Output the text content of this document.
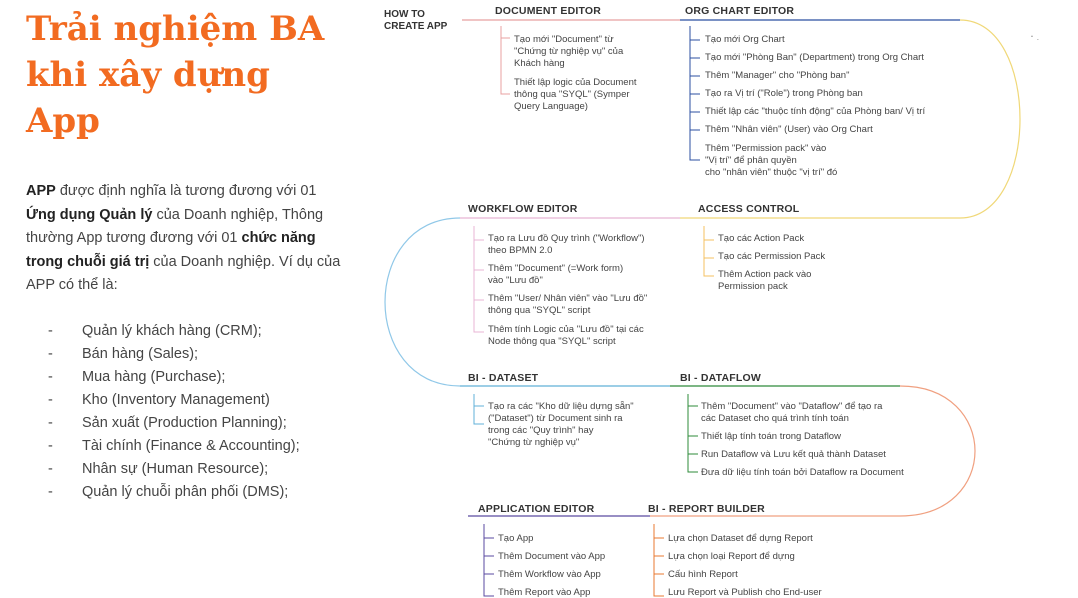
Trải nghiệm BA
khi xây dựng
App
APP được định nghĩa là tương đương với 01 Ứng dụng Quản lý của Doanh nghiệp, Thông thường App tương đương với 01 chức năng trong chuỗi giá trị của Doanh nghiệp. Ví dụ của APP có thể là:
- Quản lý khách hàng (CRM);
- Bán hàng (Sales);
- Mua hàng (Purchase);
- Kho (Inventory Management)
- Sản xuất (Production Planning);
- Tài chính (Finance & Accounting);
- Nhân sự (Human Resource);
- Quản lý chuỗi phân phối (DMS);
HOW TO
CREATE APP
⠂.
DOCUMENT EDITOR
Tạo mới "Document" từ
"Chứng từ nghiệp vụ" của
Khách hàng
Thiết lập logic của Document
thông qua "SYQL" (Symper
Query Language)
ORG CHART EDITOR
Tạo mới Org Chart
Tạo mới "Phòng Ban" (Department) trong Org Chart
Thêm "Manager" cho "Phòng ban"
Tạo ra Vị trí ("Role") trong Phòng ban
Thiết lập các "thuộc tính động" của Phòng ban/ Vị trí
Thêm "Nhân viên" (User) vào Org Chart
Thêm "Permission pack" vào
"Vị trí" để phân quyền
cho "nhân viên" thuộc "vị trí" đó
WORKFLOW EDITOR
Tạo ra Lưu đồ Quy trình ("Workflow")
theo BPMN 2.0
Thêm "Document" (=Work form)
vào "Lưu đồ"
Thêm "User/ Nhân viên" vào "Lưu đồ"
thông qua "SYQL" script
Thêm tính Logic của "Lưu đồ" tại các
Node thông qua "SYQL" script
ACCESS CONTROL
Tạo các Action Pack
Tạo các Permission Pack
Thêm Action pack vào
Permission pack
BI - DATASET
Tạo ra các "Kho dữ liệu dựng sẵn"
("Dataset") từ Document sinh ra
trong các "Quy trình" hay
"Chứng từ nghiệp vụ"
BI - DATAFLOW
Thêm "Document" vào "Dataflow" để tạo ra
các Dataset cho quá trình tính toán
Thiết lập tính toán trong Dataflow
Run Dataflow và Lưu kết quả thành Dataset
Đưa dữ liệu tính toán bởi Dataflow ra Document
APPLICATION EDITOR
Tạo App
Thêm Document vào App
Thêm Workflow vào App
Thêm Report vào App
BI - REPORT BUILDER
Lựa chọn Dataset để dựng Report
Lựa chọn loại Report để dựng
Cấu hình Report
Lưu Report và Publish cho End-user
